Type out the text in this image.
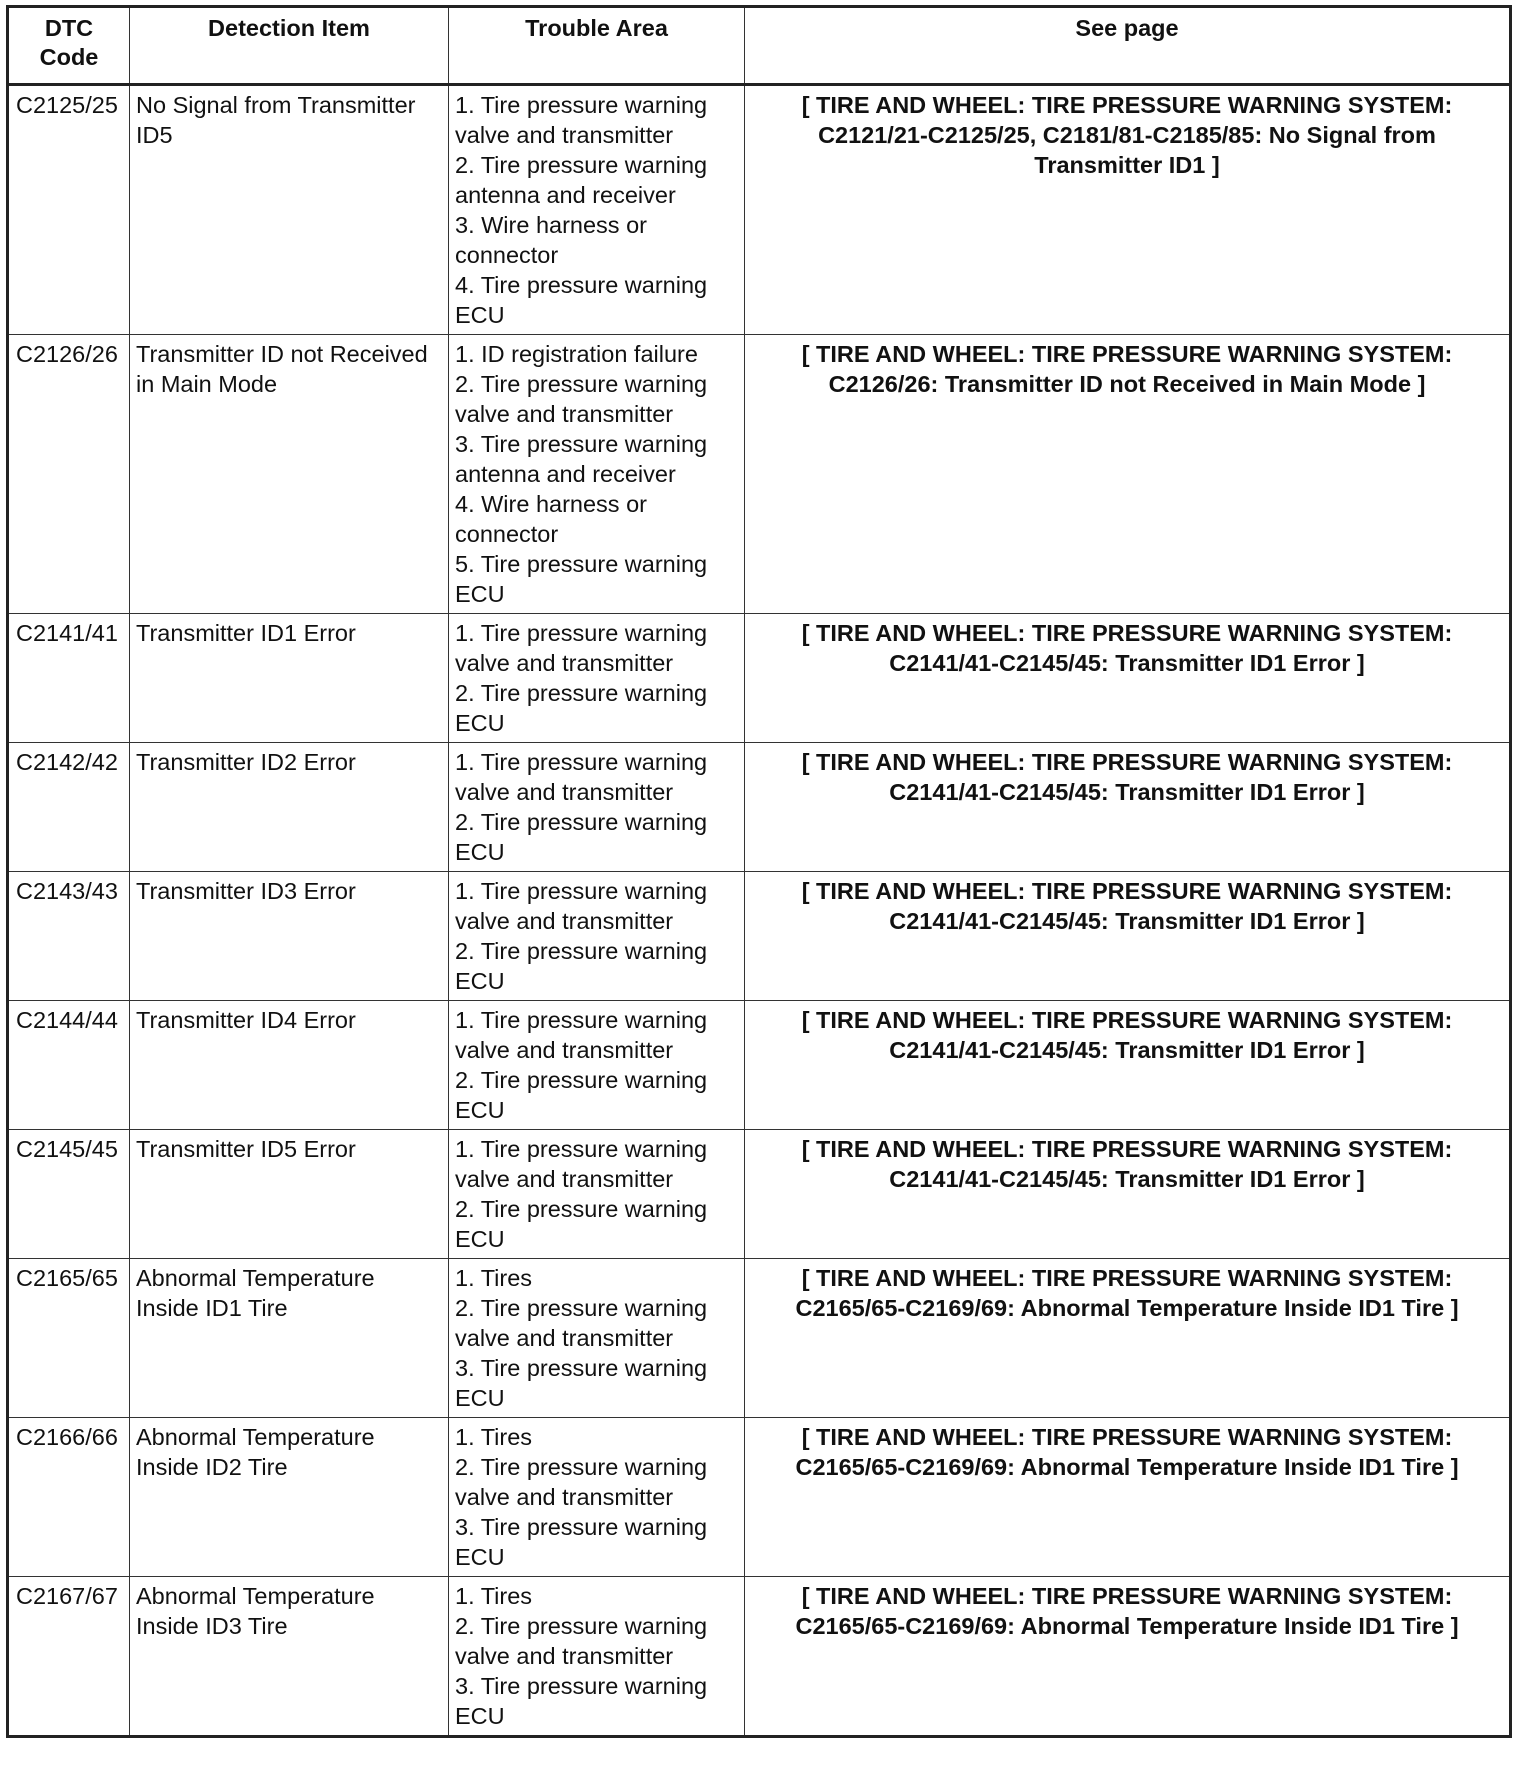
DTC
Code	Detection Item	Trouble Area	See page
C2125/25	No Signal from Transmitter ID5	1. Tire pressure warning valve and transmitter
2. Tire pressure warning antenna and receiver
3. Wire harness or connector
4. Tire pressure warning ECU	[ TIRE AND WHEEL: TIRE PRESSURE WARNING SYSTEM: C2121/21-C2125/25, C2181/81-C2185/85: No Signal from Transmitter ID1 ]
C2126/26	Transmitter ID not Received in Main Mode	1. ID registration failure
2. Tire pressure warning valve and transmitter
3. Tire pressure warning antenna and receiver
4. Wire harness or connector
5. Tire pressure warning ECU	[ TIRE AND WHEEL: TIRE PRESSURE WARNING SYSTEM: C2126/26: Transmitter ID not Received in Main Mode ]
C2141/41	Transmitter ID1 Error	1. Tire pressure warning valve and transmitter
2. Tire pressure warning ECU	[ TIRE AND WHEEL: TIRE PRESSURE WARNING SYSTEM: C2141/41-C2145/45: Transmitter ID1 Error ]
C2142/42	Transmitter ID2 Error	1. Tire pressure warning valve and transmitter
2. Tire pressure warning ECU	[ TIRE AND WHEEL: TIRE PRESSURE WARNING SYSTEM: C2141/41-C2145/45: Transmitter ID1 Error ]
C2143/43	Transmitter ID3 Error	1. Tire pressure warning valve and transmitter
2. Tire pressure warning ECU	[ TIRE AND WHEEL: TIRE PRESSURE WARNING SYSTEM: C2141/41-C2145/45: Transmitter ID1 Error ]
C2144/44	Transmitter ID4 Error	1. Tire pressure warning valve and transmitter
2. Tire pressure warning ECU	[ TIRE AND WHEEL: TIRE PRESSURE WARNING SYSTEM: C2141/41-C2145/45: Transmitter ID1 Error ]
C2145/45	Transmitter ID5 Error	1. Tire pressure warning valve and transmitter
2. Tire pressure warning ECU	[ TIRE AND WHEEL: TIRE PRESSURE WARNING SYSTEM: C2141/41-C2145/45: Transmitter ID1 Error ]
C2165/65	Abnormal Temperature Inside ID1 Tire	1. Tires
2. Tire pressure warning valve and transmitter
3. Tire pressure warning ECU	[ TIRE AND WHEEL: TIRE PRESSURE WARNING SYSTEM: C2165/65-C2169/69: Abnormal Temperature Inside ID1 Tire ]
C2166/66	Abnormal Temperature Inside ID2 Tire	1. Tires
2. Tire pressure warning valve and transmitter
3. Tire pressure warning ECU	[ TIRE AND WHEEL: TIRE PRESSURE WARNING SYSTEM: C2165/65-C2169/69: Abnormal Temperature Inside ID1 Tire ]
C2167/67	Abnormal Temperature Inside ID3 Tire	1. Tires
2. Tire pressure warning valve and transmitter
3. Tire pressure warning ECU	[ TIRE AND WHEEL: TIRE PRESSURE WARNING SYSTEM: C2165/65-C2169/69: Abnormal Temperature Inside ID1 Tire ]
